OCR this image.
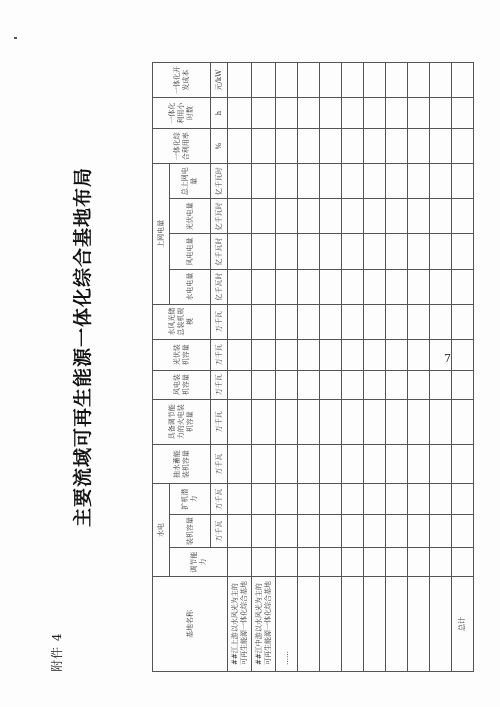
附件 4
主要流域可再生能源一体化综合基地布局
基地名称	水电			抽水蓄能装机容量	具备调节能力的火电装机容量	风电装机容量	光伏装机容量	水风光储总装机规模	上网电量				一体化综合利用率	一体化利用小时数	一体化开发成本
	调节能力	装机容量	扩机潜力						水电电量	风电电量	光伏电量	总上网电量			
		万千瓦	万千瓦	万千瓦	万千瓦	万千瓦	万千瓦	万千瓦	亿千瓦时	亿千瓦时	亿千瓦时	亿千瓦时	%	h	元/kW
##江上游以水风光为主的可再生能源一体化综合基地															
##江中游以水风光为主的可再生能源一体化综合基地															
……															

总计															
7
